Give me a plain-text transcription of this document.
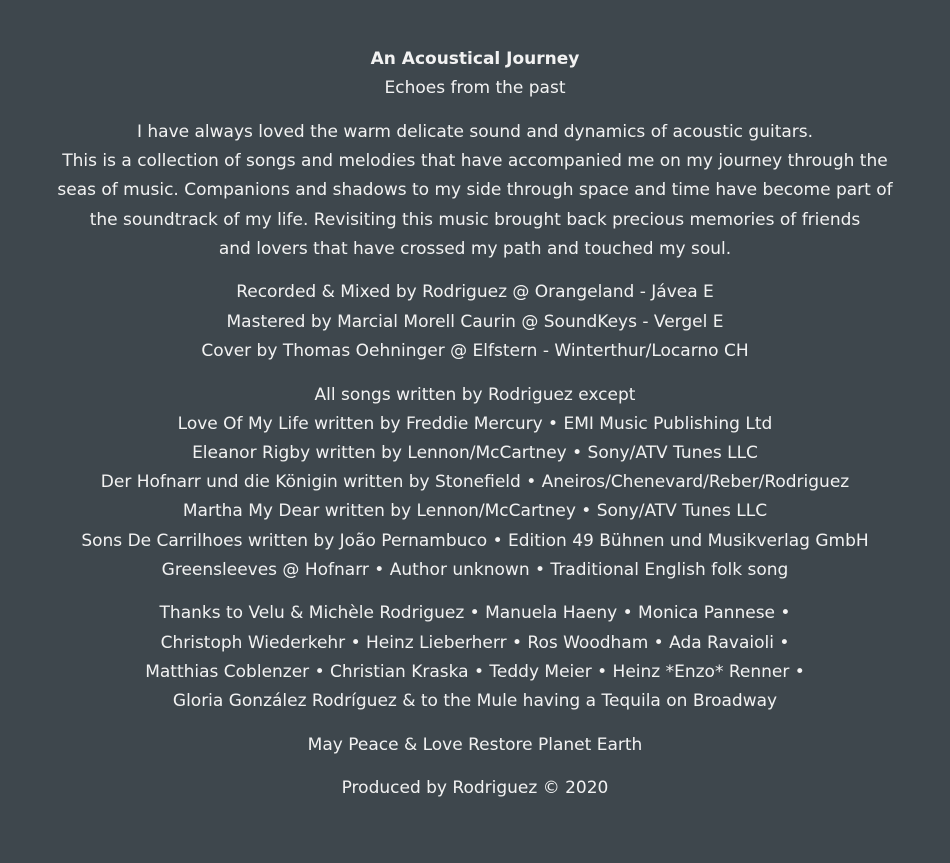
An Acoustical Journey
Echoes from the past
I have always loved the warm delicate sound and dynamics of acoustic guitars.
This is a collection of songs and melodies that have accompanied me on my journey through the
seas of music. Companions and shadows to my side through space and time have become part of
the soundtrack of my life. Revisiting this music brought back precious memories of friends
and lovers that have crossed my path and touched my soul.
Recorded & Mixed by Rodriguez @ Orangeland - Jávea E
Mastered by Marcial Morell Caurin @ SoundKeys - Vergel E
Cover by Thomas Oehninger @ Elfstern - Winterthur/Locarno CH
All songs written by Rodriguez except
Love Of My Life written by Freddie Mercury • EMI Music Publishing Ltd
Eleanor Rigby written by Lennon/McCartney • Sony/ATV Tunes LLC
Der Hofnarr und die Königin written by Stonefield • Aneiros/Chenevard/Reber/Rodriguez
Martha My Dear written by Lennon/McCartney • Sony/ATV Tunes LLC
Sons De Carrilhoes written by João Pernambuco • Edition 49 Bühnen und Musikverlag GmbH
Greensleeves @ Hofnarr • Author unknown • Traditional English folk song
Thanks to Velu & Michèle Rodriguez • Manuela Haeny • Monica Pannese •
Christoph Wiederkehr • Heinz Lieberherr • Ros Woodham • Ada Ravaioli •
Matthias Coblenzer • Christian Kraska • Teddy Meier • Heinz *Enzo* Renner •
Gloria González Rodríguez & to the Mule having a Tequila on Broadway
May Peace & Love Restore Planet Earth
Produced by Rodriguez © 2020
